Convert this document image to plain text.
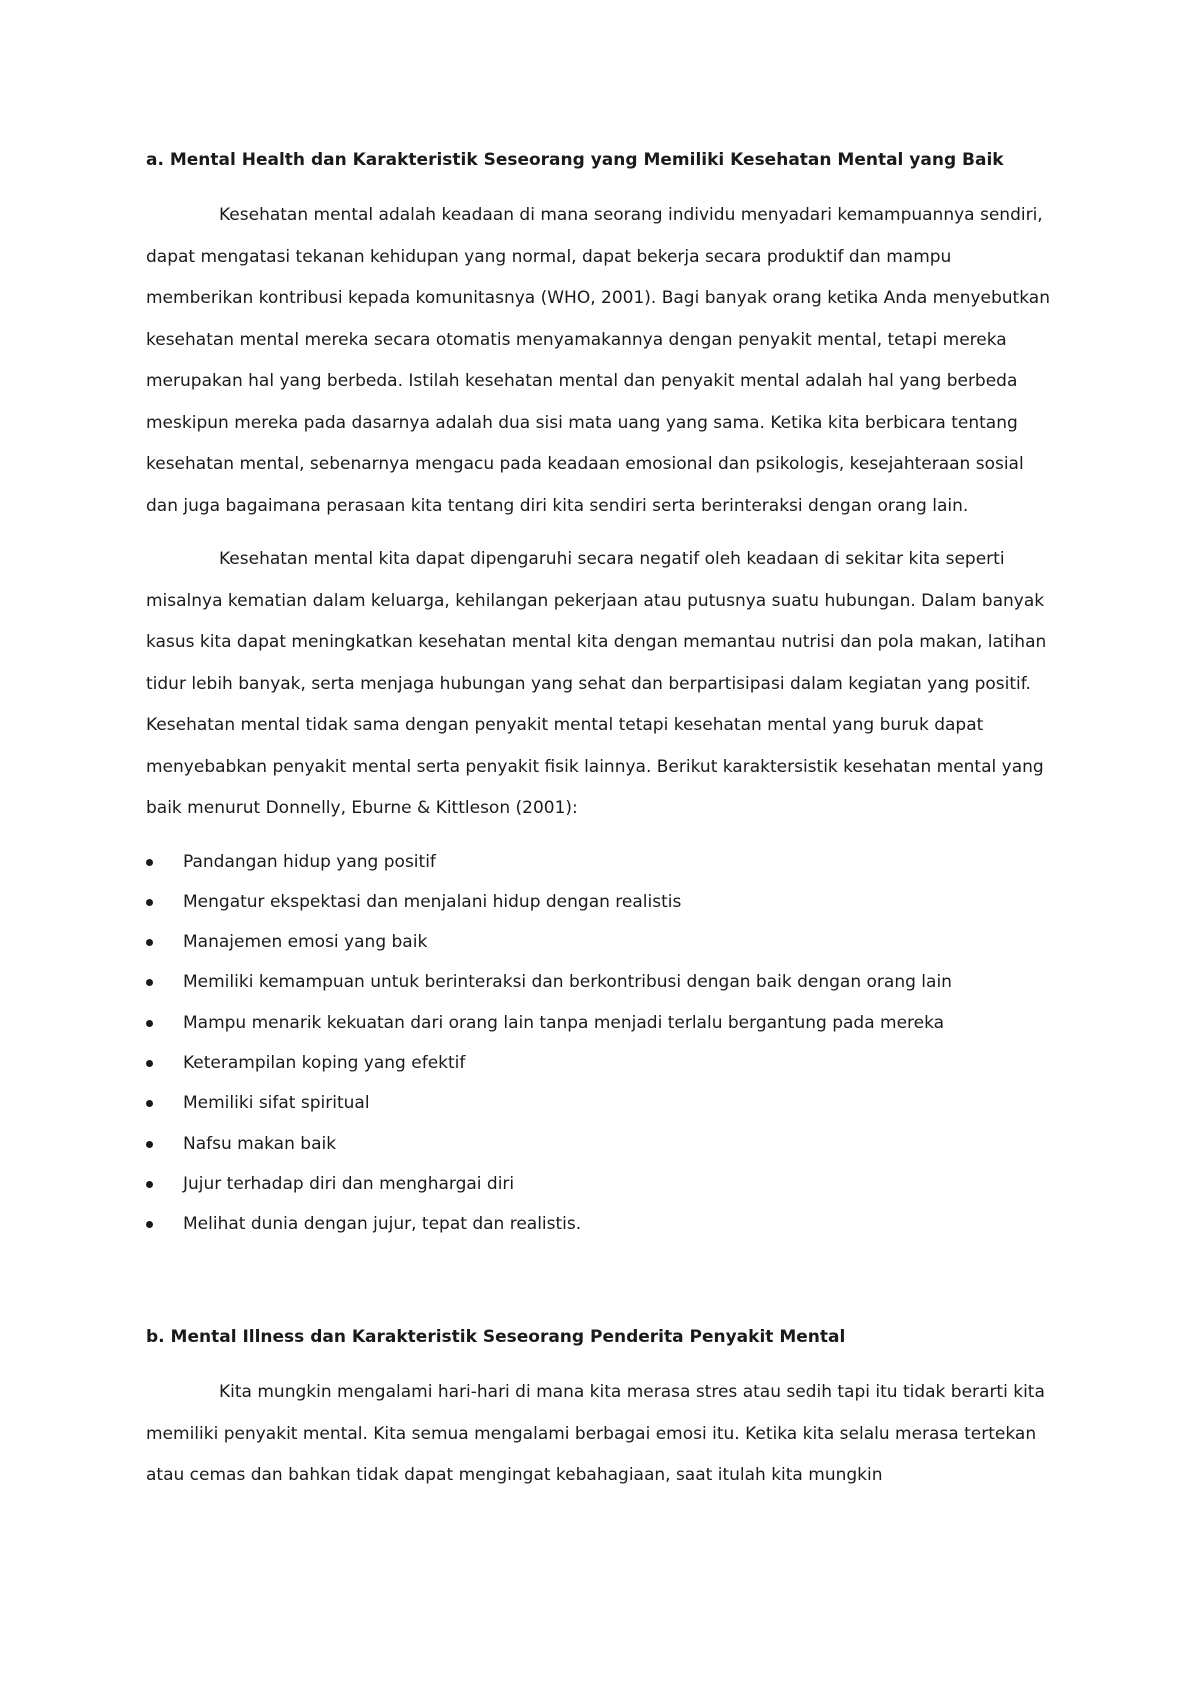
a. Mental Health dan Karakteristik Seseorang yang Memiliki Kesehatan Mental yang Baik

Kesehatan mental adalah keadaan di mana seorang individu menyadari kemampuannya sendiri, dapat mengatasi tekanan kehidupan yang normal, dapat bekerja secara produktif dan mampu memberikan kontribusi kepada komunitasnya (WHO, 2001). Bagi banyak orang ketika Anda menyebutkan kesehatan mental mereka secara otomatis menyamakannya dengan penyakit mental, tetapi mereka merupakan hal yang berbeda. Istilah kesehatan mental dan penyakit mental adalah hal yang berbeda meskipun mereka pada dasarnya adalah dua sisi mata uang yang sama. Ketika kita berbicara tentang kesehatan mental, sebenarnya mengacu pada keadaan emosional dan psikologis, kesejahteraan sosial dan juga bagaimana perasaan kita tentang diri kita sendiri serta berinteraksi dengan orang lain.

Kesehatan mental kita dapat dipengaruhi secara negatif oleh keadaan di sekitar kita seperti misalnya kematian dalam keluarga, kehilangan pekerjaan atau putusnya suatu hubungan. Dalam banyak kasus kita dapat meningkatkan kesehatan mental kita dengan memantau nutrisi dan pola makan, latihan tidur lebih banyak, serta menjaga hubungan yang sehat dan berpartisipasi dalam kegiatan yang positif. Kesehatan mental tidak sama dengan penyakit mental tetapi kesehatan mental yang buruk dapat menyebabkan penyakit mental serta penyakit fisik lainnya. Berikut karaktersistik kesehatan mental yang baik menurut Donnelly, Eburne & Kittleson (2001):

Pandangan hidup yang positif
Mengatur ekspektasi dan menjalani hidup dengan realistis
Manajemen emosi yang baik
Memiliki kemampuan untuk berinteraksi dan berkontribusi dengan baik dengan orang lain
Mampu menarik kekuatan dari orang lain tanpa menjadi terlalu bergantung pada mereka
Keterampilan koping yang efektif
Memiliki sifat spiritual
Nafsu makan baik
Jujur terhadap diri dan menghargai diri
Melihat dunia dengan jujur, tepat dan realistis.
b. Mental Illness dan Karakteristik Seseorang Penderita Penyakit Mental

Kita mungkin mengalami hari-hari di mana kita merasa stres atau sedih tapi itu tidak berarti kita memiliki penyakit mental. Kita semua mengalami berbagai emosi itu. Ketika kita selalu merasa tertekan atau cemas dan bahkan tidak dapat mengingat kebahagiaan, saat itulah kita mungkin
